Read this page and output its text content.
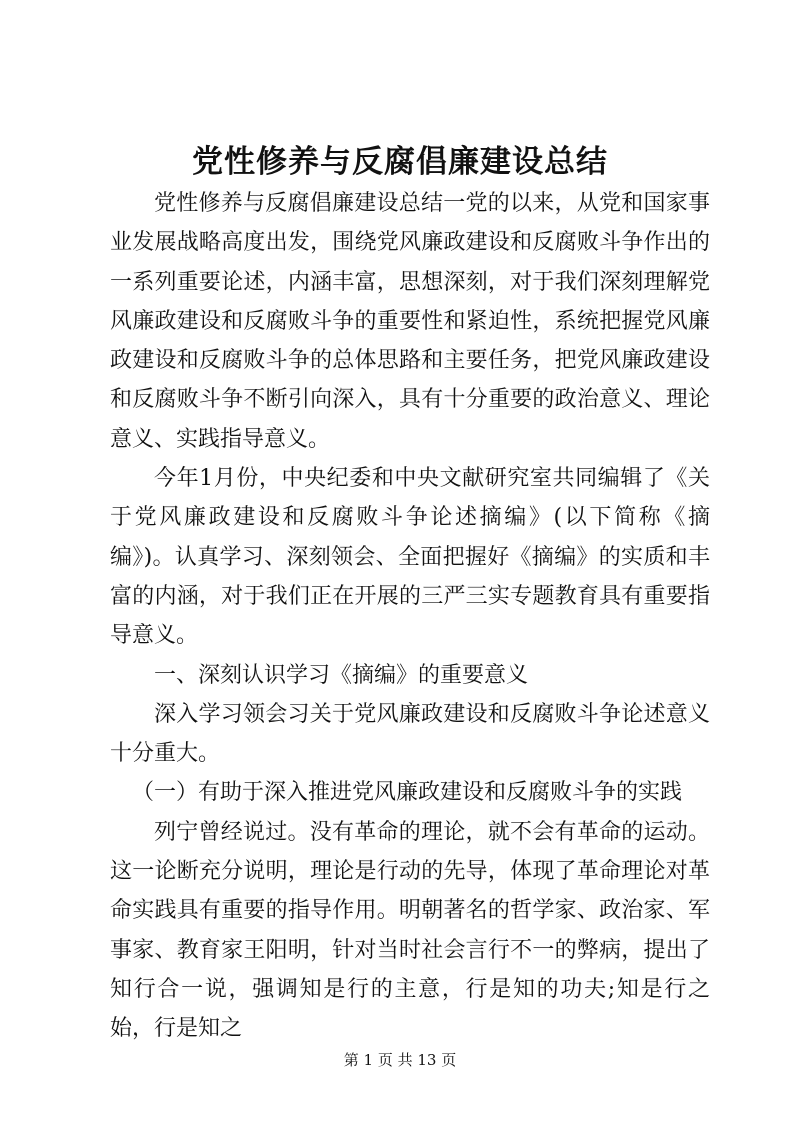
党性修养与反腐倡廉建设总结

党性修养与反腐倡廉建设总结一党的以来，从党和国家事业发展战略高度出发，围绕党风廉政建设和反腐败斗争作出的一系列重要论述，内涵丰富，思想深刻，对于我们深刻理解党风廉政建设和反腐败斗争的重要性和紧迫性，系统把握党风廉政建设和反腐败斗争的总体思路和主要任务，把党风廉政建设和反腐败斗争不断引向深入，具有十分重要的政治意义、理论意义、实践指导意义。

今年1月份，中央纪委和中央文献研究室共同编辑了《关于党风廉政建设和反腐败斗争论述摘编》(以下简称《摘编》)。认真学习、深刻领会、全面把握好《摘编》的实质和丰富的内涵，对于我们正在开展的三严三实专题教育具有重要指导意义。

一、深刻认识学习《摘编》的重要意义

深入学习领会习关于党风廉政建设和反腐败斗争论述意义十分重大。

（一）有助于深入推进党风廉政建设和反腐败斗争的实践

列宁曾经说过。没有革命的理论，就不会有革命的运动。这一论断充分说明，理论是行动的先导，体现了革命理论对革命实践具有重要的指导作用。明朝著名的哲学家、政治家、军事家、教育家王阳明，针对当时社会言行不一的弊病，提出了知行合一说，强调知是行的主意，行是知的功夫;知是行之始，行是知之

第 1 页 共 13 页
